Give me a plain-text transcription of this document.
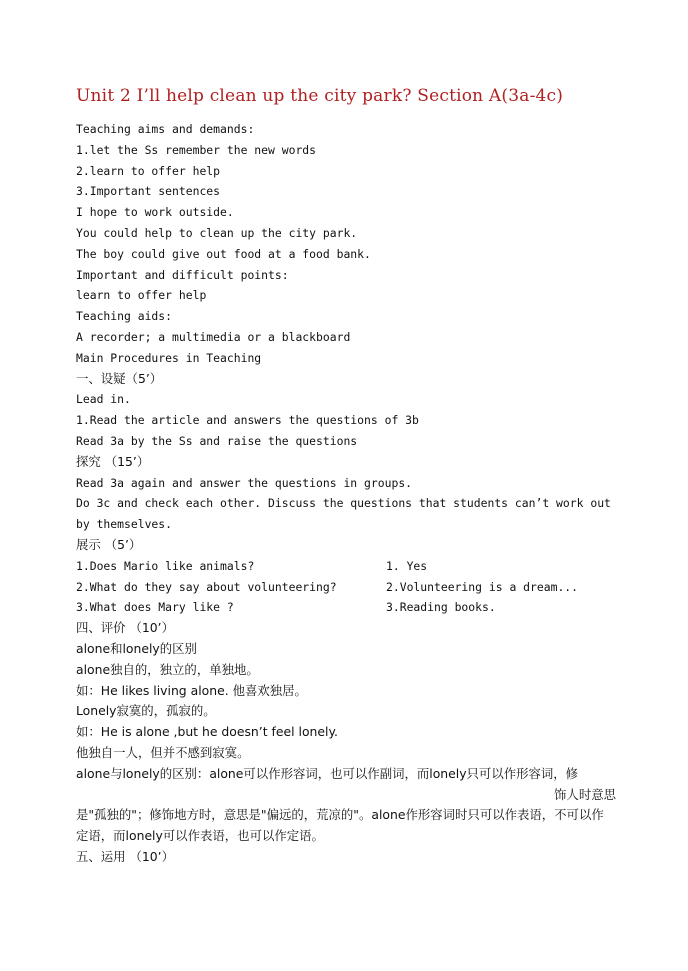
Unit 2 I’ll help clean up the city park? Section A(3a-4c)
Teaching aims and demands:
1.let the Ss remember the new words
2.learn to offer help
3.Important sentences
I hope to work outside.
You could help to clean up the city park.
The boy could give out food at a food bank.
Important and difficult points:
learn to offer help
Teaching aids:
A recorder; a multimedia or a blackboard
Main Procedures in Teaching
一、设疑（5’）
Lead in.
1.Read the article and answers the questions of 3b
Read 3a by the Ss and raise the questions
探究 （15’）
Read 3a again and answer the questions in groups.
Do 3c and check each other. Discuss the questions that students can’t work out by themselves.
展示 （5’）
1.Does Mario like animals?	1. Yes
2.What do they say about volunteering?	2.Volunteering is a dream...
3.What does Mary like ?	3.Reading books.
四、评价 （10’）
alone和lonely的区别
alone独自的，独立的，单独地。
如：He likes living alone. 他喜欢独居。
Lonely寂寞的，孤寂的。
如：He is alone ,but he doesn’t feel lonely.
他独自一人，但并不感到寂寞。
alone与lonely的区别：alone可以作形容词，也可以作副词，而lonely只可以作形容词，修
饰人时意思
是"孤独的"；修饰地方时，意思是"偏远的，荒凉的"。alone作形容词时只可以作表语，不可以作定语，而lonely可以作表语，也可以作定语。
五、运用 （10’）
